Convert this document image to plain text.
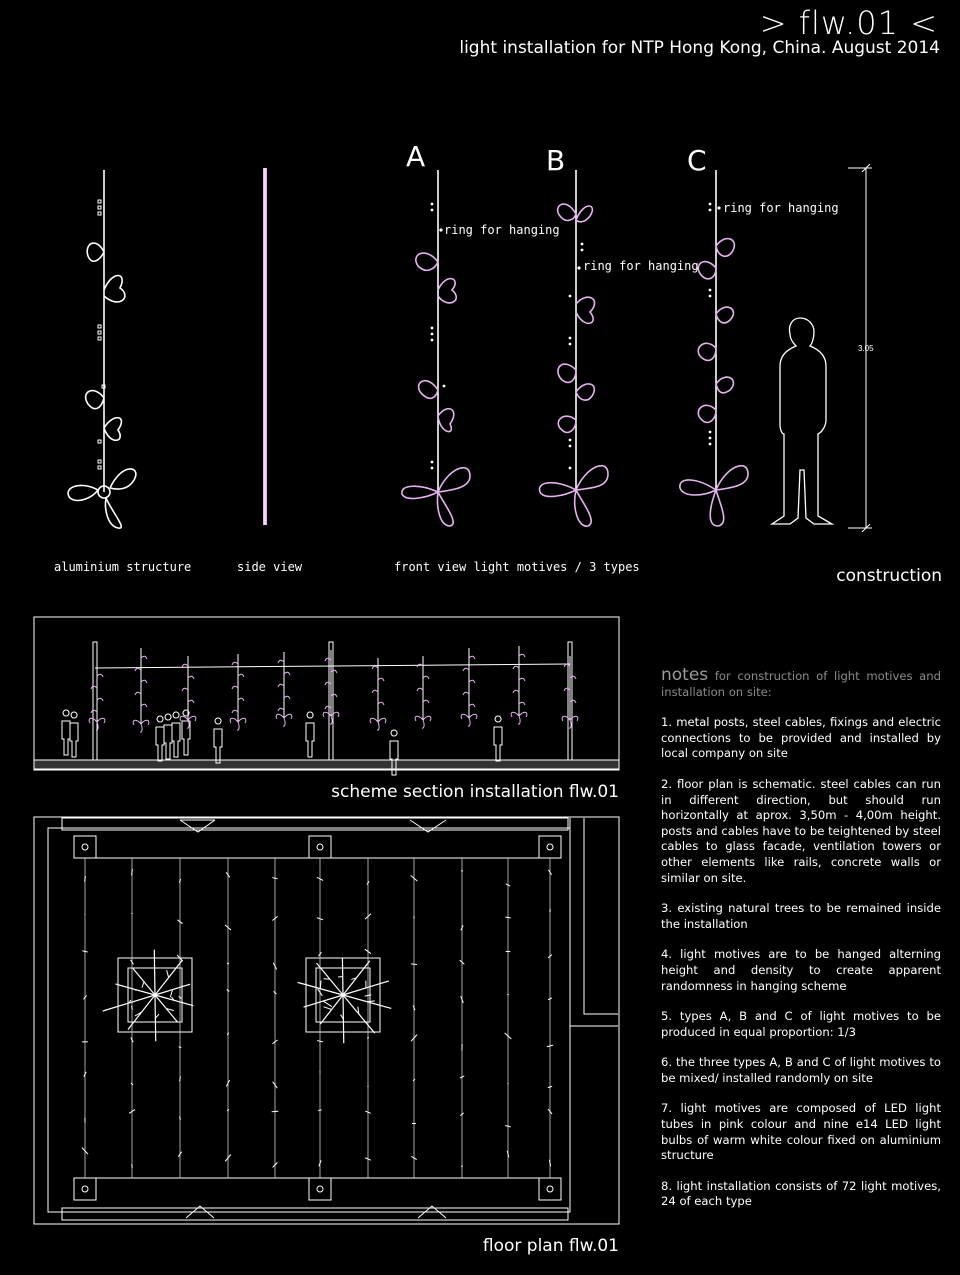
> flw.01 <
light installation for NTP Hong Kong, China. August 2014
A	B	C
ring for hanging
ring for hanging
ring for hanging
3.05
aluminium structure	side view	front view light motives / 3 types	construction
scheme section installation flw.01
floor plan flw.01

notes for construction of light motives and installation on site:

1. metal posts, steel cables, fixings and electric connections to be provided and installed by local company on site

2. floor plan is schematic. steel cables can run in different direction, but should run horizontally at aprox. 3,50m - 4,00m height. posts and cables have to be teightened by steel cables to glass facade, ventilation towers or other elements like rails, concrete walls or similar on site.

3. existing natural trees to be remained inside the installation

4. light motives are to be hanged alterning height and density to create apparent randomness in hanging scheme

5. types A, B and C of light motives to be produced in equal proportion: 1/3

6. the three types A, B and C of light motives to be mixed/ installed randomly on site

7. light motives are composed of LED light tubes in pink colour and nine e14 LED light bulbs of warm white colour fixed on aluminium structure

8. light installation consists of 72 light motives, 24 of each type
